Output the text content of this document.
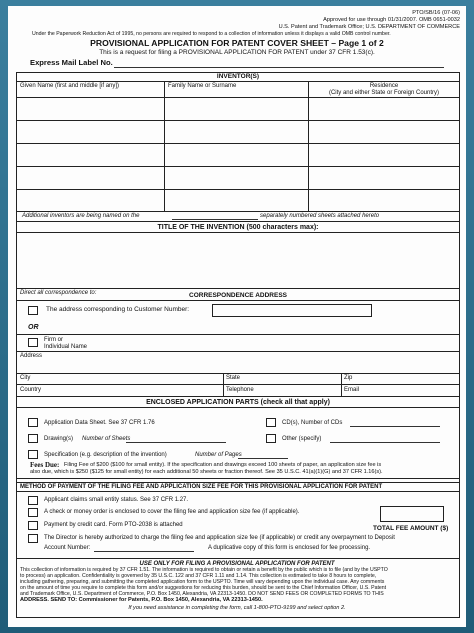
PTO/SB/16 (07-06)
Approved for use through 01/31/2007. OMB 0651-0032
U.S. Patent and Trademark Office; U.S. DEPARTMENT OF COMMERCE
Under the Paperwork Reduction Act of 1995, no persons are required to respond to a collection of information unless it displays a valid OMB control number.
PROVISIONAL APPLICATION FOR PATENT COVER SHEET – Page 1 of 2
This is a request for filing a PROVISIONAL APPLICATION FOR PATENT under 37 CFR 1.53(c).
Express Mail Label No.
INVENTOR(S)
Given Name (first and middle [if any])	Family Name or Surname	Residence
(City and either State or Foreign Country)
Additional inventors are being named on the	separately numbered sheets attached hereto
TITLE OF THE INVENTION (500 characters max):
Direct all correspondence to:	CORRESPONDENCE ADDRESS
The address corresponding to Customer Number:
OR
Firm or
Individual Name
Address
City	State	Zip
Country	Telephone	Email
ENCLOSED APPLICATION PARTS (check all that apply)
Application Data Sheet. See 37 CFR 1.76	CD(s), Number of CDs
Drawing(s) Number of Sheets	Other (specify)
Specification (e.g. description of the invention)	Number of Pages
Fees Due: Filing Fee of $200 ($100 for small entity). If the specification and drawings exceed 100 sheets of paper, an application size fee is
also due, which is $250 ($125 for small entity) for each additional 50 sheets or fraction thereof. See 35 U.S.C. 41(a)(1)(G) and 37 CFR 1.16(s).
METHOD OF PAYMENT OF THE FILING FEE AND APPLICATION SIZE FEE FOR THIS PROVISIONAL APPLICATION FOR PATENT
Applicant claims small entity status. See 37 CFR 1.27.
A check or money order is enclosed to cover the filing fee and application size fee (if applicable).
Payment by credit card. Form PTO-2038 is attached	TOTAL FEE AMOUNT ($)
The Director is hereby authorized to charge the filing fee and application size fee (if applicable) or credit any overpayment to Deposit
Account Number:	A duplicative copy of this form is enclosed for fee processing.
USE ONLY FOR FILING A PROVISIONAL APPLICATION FOR PATENT
This collection of information is required by 37 CFR 1.51. The information is required to obtain or retain a benefit by the public which is to file (and by the USPTO
to process) an application. Confidentiality is governed by 35 U.S.C. 122 and 37 CFR 1.11 and 1.14. This collection is estimated to take 8 hours to complete,
including gathering, preparing, and submitting the completed application form to the USPTO. Time will vary depending upon the individual case. Any comments
on the amount of time you require to complete this form and/or suggestions for reducing this burden, should be sent to the Chief Information Officer, U.S. Patent
and Trademark Office, U.S. Department of Commerce, P.O. Box 1450, Alexandria, VA 22313-1450. DO NOT SEND FEES OR COMPLETED FORMS TO THIS
ADDRESS. SEND TO: Commissioner for Patents, P.O. Box 1450, Alexandria, VA 22313-1450.
If you need assistance in completing the form, call 1-800-PTO-9199 and select option 2.
